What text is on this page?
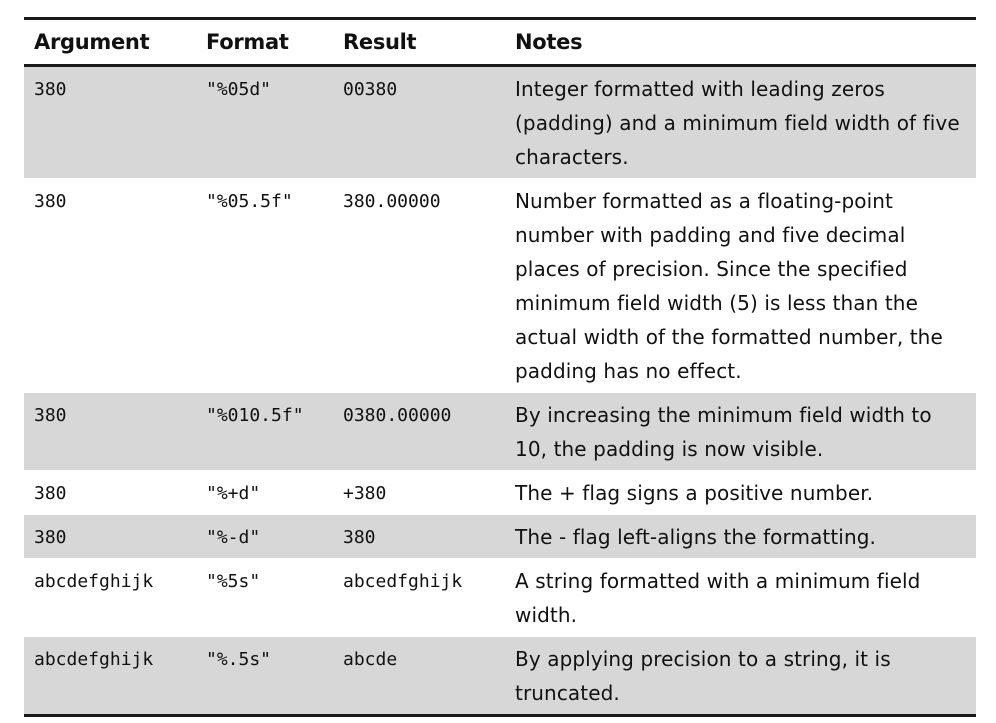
Argument	Format	Result	Notes
380	"%05d"	00380	Integer formatted with leading zeros (padding) and a minimum field width of five characters.
380	"%05.5f"	380.00000	Number formatted as a floating-point number with padding and five decimal places of precision. Since the specified minimum field width (5) is less than the actual width of the formatted number, the padding has no effect.
380	"%010.5f"	0380.00000	By increasing the minimum field width to 10, the padding is now visible.
380	"%+d"	+380	The + flag signs a positive number.
380	"%-d"	380	The - flag left-aligns the formatting.
abcdefghijk	"%5s"	abcedfghijk	A string formatted with a minimum field width.
abcdefghijk	"%.5s"	abcde	By applying precision to a string, it is truncated.
